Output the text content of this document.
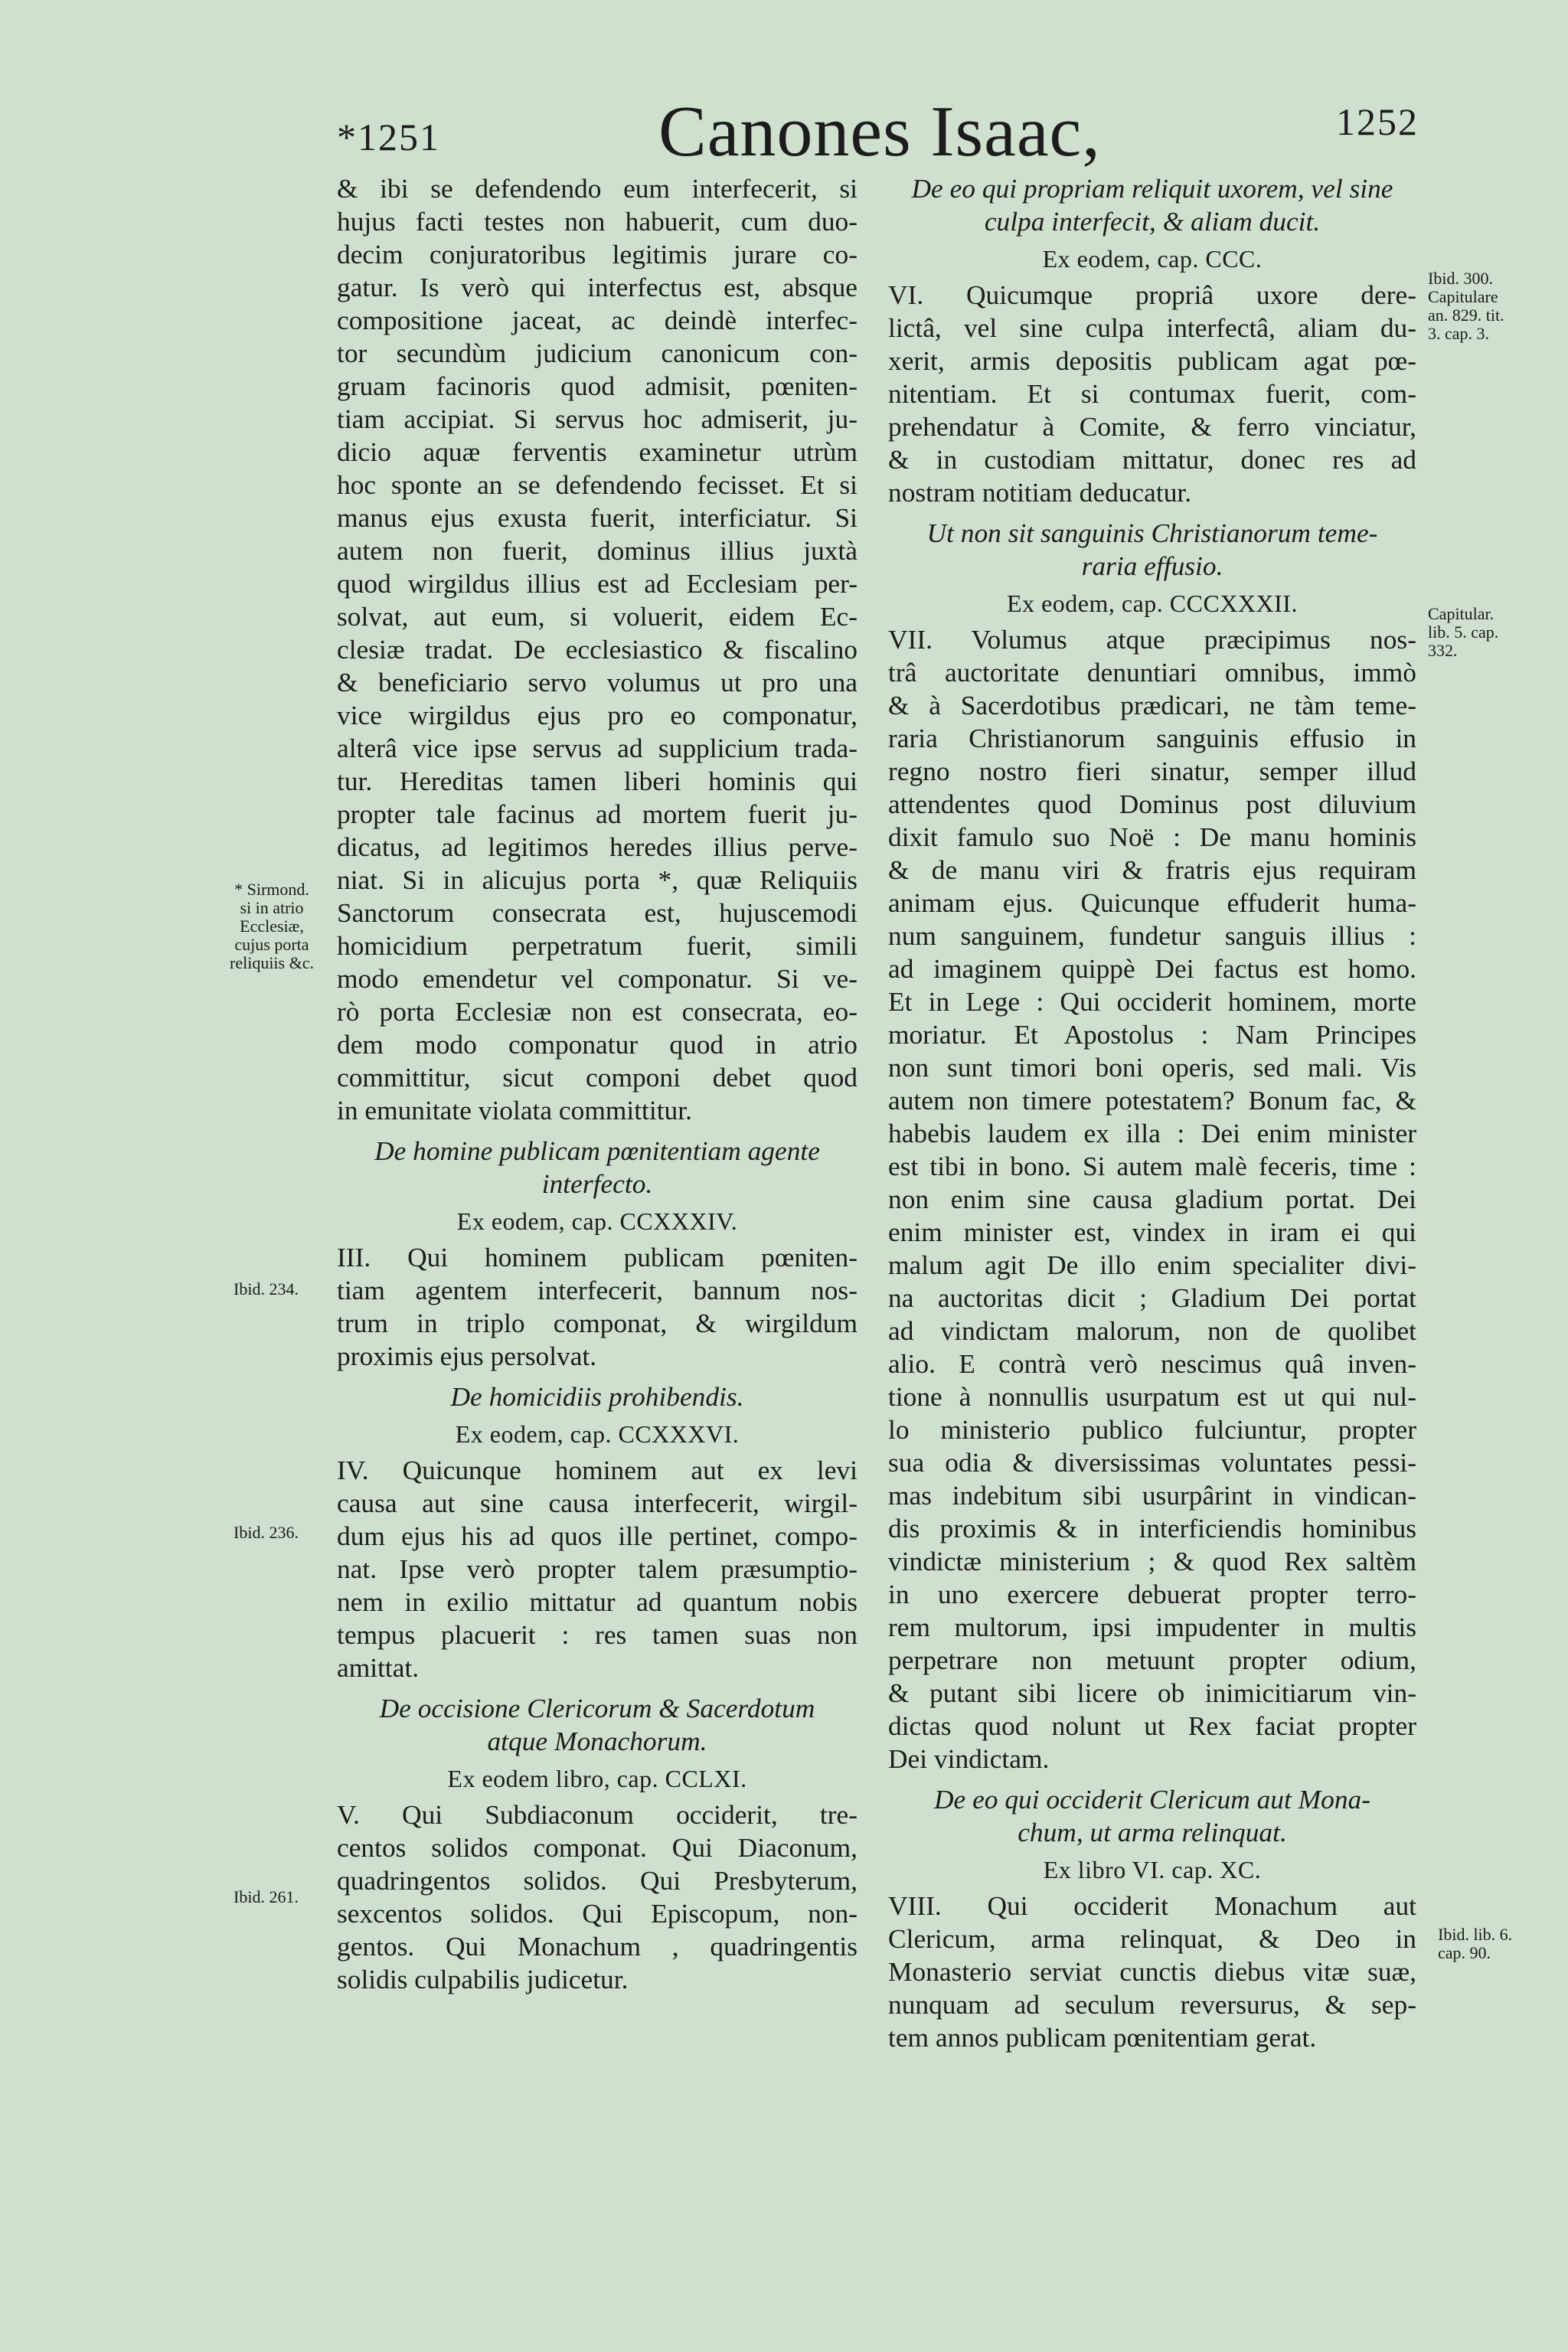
*1251	Canones Isaac,	1252
& ibi se defendendo eum interfecerit, si
hujus facti testes non habuerit, cum duo-
decim conjuratoribus legitimis jurare co-
gatur. Is verò qui interfectus est, absque
compositione jaceat, ac deindè interfec-
tor secundùm judicium canonicum con-
gruam facinoris quod admisit, pœniten-
tiam accipiat. Si servus hoc admiserit, ju-
dicio aquæ ferventis examinetur utrùm
hoc sponte an se defendendo fecisset. Et si
manus ejus exusta fuerit, interficiatur. Si
autem non fuerit, dominus illius juxtà
quod wirgildus illius est ad Ecclesiam per-
solvat, aut eum, si voluerit, eidem Ec-
clesiæ tradat. De ecclesiastico & fiscalino
& beneficiario servo volumus ut pro una
vice wirgildus ejus pro eo componatur,
alterâ vice ipse servus ad supplicium trada-
tur. Hereditas tamen liberi hominis qui
propter tale facinus ad mortem fuerit ju-
dicatus, ad legitimos heredes illius perve-
niat. Si in alicujus porta *, quæ Reliquiis
Sanctorum consecrata est, hujuscemodi
homicidium perpetratum fuerit, simili
modo emendetur vel componatur. Si ve-
rò porta Ecclesiæ non est consecrata, eo-
dem modo componatur quod in atrio
committitur, sicut componi debet quod
in emunitate violata committitur.
De homine publicam pœnitentiam agente
interfecto.
Ex eodem, cap. CCXXXIV.
III. Qui hominem publicam pœniten-
tiam agentem interfecerit, bannum nos-
trum in triplo componat, & wirgildum
proximis ejus persolvat.
De homicidiis prohibendis.
Ex eodem, cap. CCXXXVI.
IV. Quicunque hominem aut ex levi
causa aut sine causa interfecerit, wirgil-
dum ejus his ad quos ille pertinet, compo-
nat. Ipse verò propter talem præsumptio-
nem in exilio mittatur ad quantum nobis
tempus placuerit : res tamen suas non
amittat.
De occisione Clericorum & Sacerdotum
atque Monachorum.
Ex eodem libro, cap. CCLXI.
V. Qui Subdiaconum occiderit, tre-
centos solidos componat. Qui Diaconum,
quadringentos solidos. Qui Presbyterum,
sexcentos solidos. Qui Episcopum, non-
gentos. Qui Monachum , quadringentis
solidis culpabilis judicetur.
De eo qui propriam reliquit uxorem, vel sine
culpa interfecit, & aliam ducit.
Ex eodem, cap. CCC.
VI. Quicumque propriâ uxore dere-
lictâ, vel sine culpa interfectâ, aliam du-
xerit, armis depositis publicam agat pœ-
nitentiam. Et si contumax fuerit, com-
prehendatur à Comite, & ferro vinciatur,
& in custodiam mittatur, donec res ad
nostram notitiam deducatur.
Ut non sit sanguinis Christianorum teme-
raria effusio.
Ex eodem, cap. CCCXXXII.
VII. Volumus atque præcipimus nos-
trâ auctoritate denuntiari omnibus, immò
& à Sacerdotibus prædicari, ne tàm teme-
raria Christianorum sanguinis effusio in
regno nostro fieri sinatur, semper illud
attendentes quod Dominus post diluvium
dixit famulo suo Noë : De manu hominis
& de manu viri & fratris ejus requiram
animam ejus. Quicunque effuderit huma-
num sanguinem, fundetur sanguis illius :
ad imaginem quippè Dei factus est homo.
Et in Lege : Qui occiderit hominem, morte
moriatur. Et Apostolus : Nam Principes
non sunt timori boni operis, sed mali. Vis
autem non timere potestatem? Bonum fac, &
habebis laudem ex illa : Dei enim minister
est tibi in bono. Si autem malè feceris, time :
non enim sine causa gladium portat. Dei
enim minister est, vindex in iram ei qui
malum agit De illo enim specialiter divi-
na auctoritas dicit ; Gladium Dei portat
ad vindictam malorum, non de quolibet
alio. E contrà verò nescimus quâ inven-
tione à nonnullis usurpatum est ut qui nul-
lo ministerio publico fulciuntur, propter
sua odia & diversissimas voluntates pessi-
mas indebitum sibi usurpârint in vindican-
dis proximis & in interficiendis hominibus
vindictæ ministerium ; & quod Rex saltèm
in uno exercere debuerat propter terro-
rem multorum, ipsi impudenter in multis
perpetrare non metuunt propter odium,
& putant sibi licere ob inimicitiarum vin-
dictas quod nolunt ut Rex faciat propter
Dei vindictam.
De eo qui occiderit Clericum aut Mona-
chum, ut arma relinquat.
Ex libro VI. cap. XC.
VIII. Qui occiderit Monachum aut
Clericum, arma relinquat, & Deo in
Monasterio serviat cunctis diebus vitæ suæ,
nunquam ad seculum reversurus, & sep-
tem annos publicam pœnitentiam gerat.
* Sirmond.
si in atrio
Ecclesiæ,
cujus porta
reliquiis &c.
Ibid. 234.
Ibid. 236.
Ibid. 261.
Ibid. 300.
Capitulare
an. 829. tit.
3. cap. 3.
Capitular.
lib. 5. cap.
332.
Ibid. lib. 6.
cap. 90.
